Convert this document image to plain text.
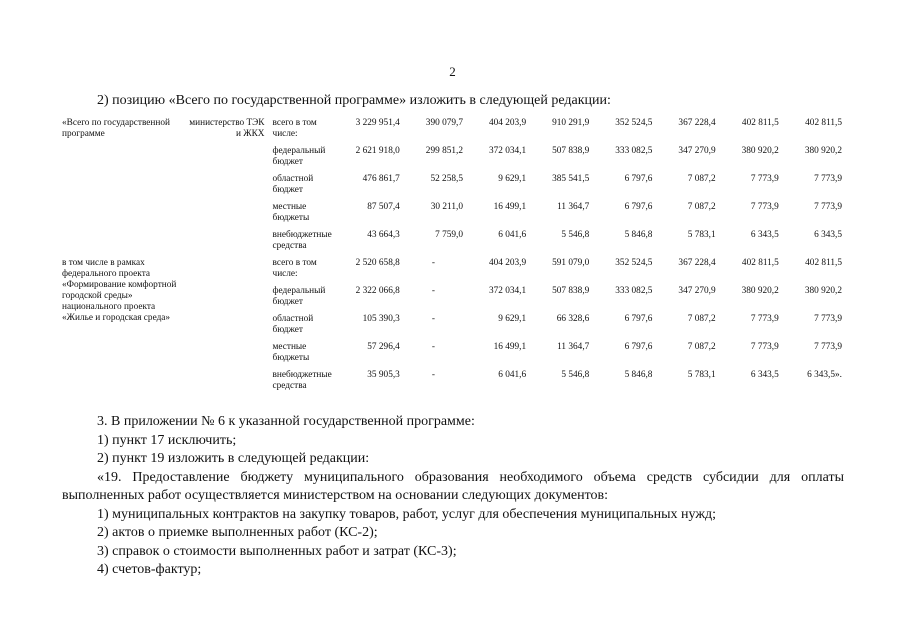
2
2) позицию «Всего по государственной программе» изложить в следующей редакции:
«Всего по государственной программе	министерство ТЭК и ЖКХ	всего в том числе:	3 229 951,4	390 079,7	404 203,9	910 291,9	352 524,5	367 228,4	402 811,5	402 811,5
		федеральный бюджет	2 621 918,0	299 851,2	372 034,1	507 838,9	333 082,5	347 270,9	380 920,2	380 920,2
		областной бюджет	476 861,7	52 258,5	9 629,1	385 541,5	6 797,6	7 087,2	7 773,9	7 773,9
		местные бюджеты	87 507,4	30 211,0	16 499,1	11 364,7	6 797,6	7 087,2	7 773,9	7 773,9
		внебюджетные средства	43 664,3	7 759,0	6 041,6	5 546,8	5 846,8	5 783,1	6 343,5	6 343,5
в том числе в рамках федерального проекта «Формирование комфортной городской среды» национального проекта «Жилье и городская среда»		всего в том числе:	2 520 658,8	-	404 203,9	591 079,0	352 524,5	367 228,4	402 811,5	402 811,5
		федеральный бюджет	2 322 066,8	-	372 034,1	507 838,9	333 082,5	347 270,9	380 920,2	380 920,2
		областной бюджет	105 390,3	-	9 629,1	66 328,6	6 797,6	7 087,2	7 773,9	7 773,9
		местные бюджеты	57 296,4	-	16 499,1	11 364,7	6 797,6	7 087,2	7 773,9	7 773,9
		внебюджетные средства	35 905,3	-	6 041,6	5 546,8	5 846,8	5 783,1	6 343,5	6 343,5».

3. В приложении № 6 к указанной государственной программе:

1) пункт 17 исключить;

2) пункт 19 изложить в следующей редакции:

«19. Предоставление бюджету муниципального образования необходимого объема средств субсидии для оплаты выполненных работ осуществляется министерством на основании следующих документов:

1) муниципальных контрактов на закупку товаров, работ, услуг для обеспечения муниципальных нужд;

2) актов о приемке выполненных работ (КС-2);

3) справок о стоимости выполненных работ и затрат (КС-3);

4) счетов-фактур;
